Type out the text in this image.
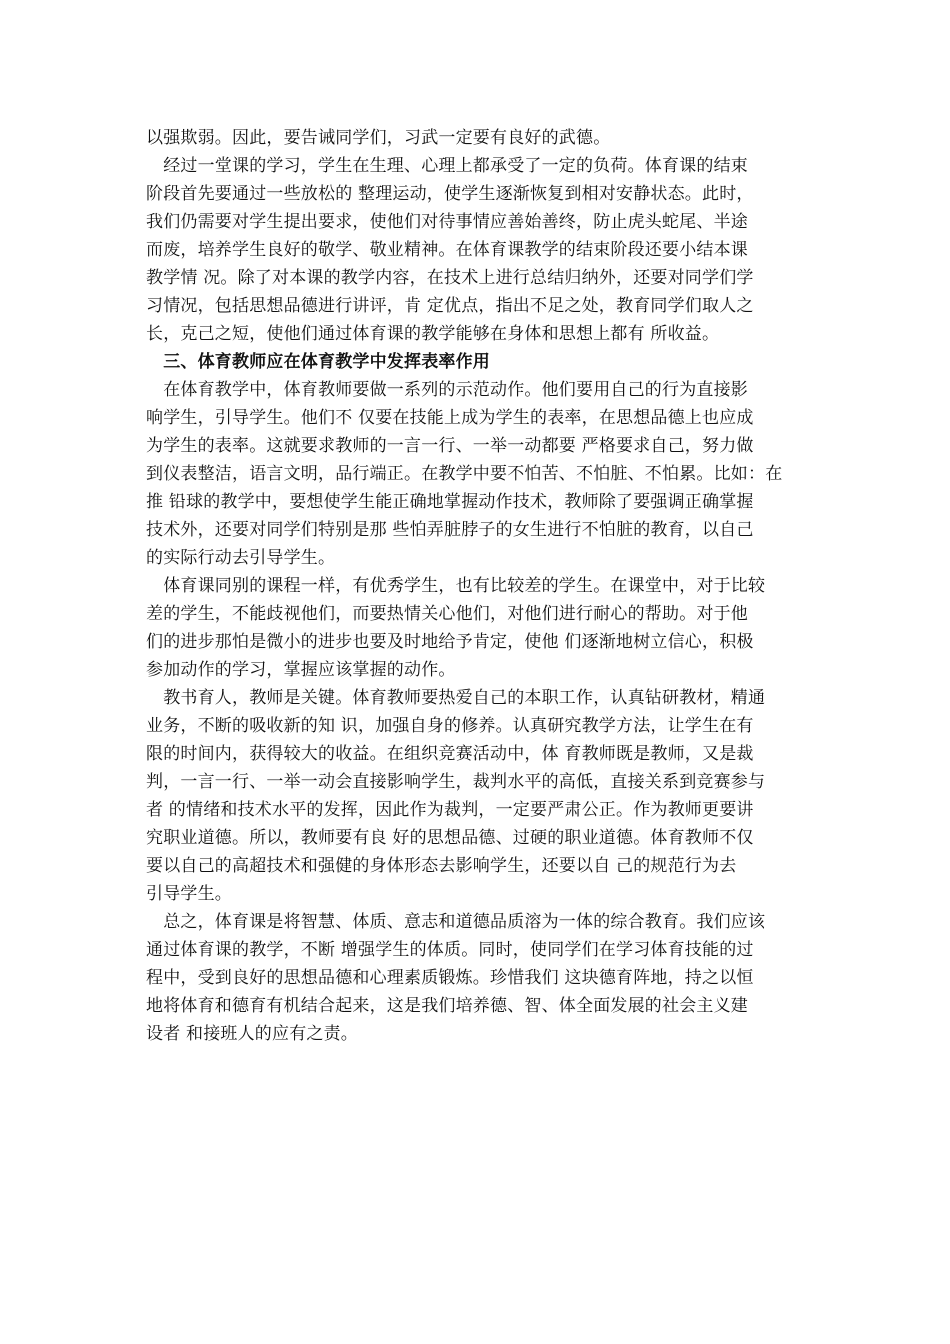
以强欺弱。因此，要告诫同学们，习武一定要有良好的武德。
　经过一堂课的学习，学生在生理、心理上都承受了一定的负荷。体育课的结束
阶段首先要通过一些放松的 整理运动，使学生逐渐恢复到相对安静状态。此时，
我们仍需要对学生提出要求，使他们对待事情应善始善终，防止虎头蛇尾、半途
而废，培养学生良好的敬学、敬业精神。在体育课教学的结束阶段还要小结本课
教学情 况。除了对本课的教学内容，在技术上进行总结归纳外，还要对同学们学
习情况，包括思想品德进行讲评，肯 定优点，指出不足之处，教育同学们取人之
长，克己之短，使他们通过体育课的教学能够在身体和思想上都有 所收益。
　三、体育教师应在体育教学中发挥表率作用
　在体育教学中，体育教师要做一系列的示范动作。他们要用自己的行为直接影
响学生，引导学生。他们不 仅要在技能上成为学生的表率，在思想品德上也应成
为学生的表率。这就要求教师的一言一行、一举一动都要 严格要求自己，努力做
到仪表整洁，语言文明，品行端正。在教学中要不怕苦、不怕脏、不怕累。比如：在
推 铅球的教学中，要想使学生能正确地掌握动作技术，教师除了要强调正确掌握
技术外，还要对同学们特别是那 些怕弄脏脖子的女生进行不怕脏的教育，以自己
的实际行动去引导学生。
　体育课同别的课程一样，有优秀学生，也有比较差的学生。在课堂中，对于比较
差的学生，不能歧视他们，而要热情关心他们，对他们进行耐心的帮助。对于他
们的进步那怕是微小的进步也要及时地给予肯定，使他 们逐渐地树立信心，积极
参加动作的学习，掌握应该掌握的动作。
　教书育人，教师是关键。体育教师要热爱自己的本职工作，认真钻研教材，精通
业务，不断的吸收新的知 识，加强自身的修养。认真研究教学方法，让学生在有
限的时间内，获得较大的收益。在组织竞赛活动中，体 育教师既是教师，又是裁
判，一言一行、一举一动会直接影响学生，裁判水平的高低，直接关系到竞赛参与
者 的情绪和技术水平的发挥，因此作为裁判，一定要严肃公正。作为教师更要讲
究职业道德。所以，教师要有良 好的思想品德、过硬的职业道德。体育教师不仅
要以自己的高超技术和强健的身体形态去影响学生，还要以自 己的规范行为去
引导学生。
　总之，体育课是将智慧、体质、意志和道德品质溶为一体的综合教育。我们应该
通过体育课的教学，不断 增强学生的体质。同时，使同学们在学习体育技能的过
程中，受到良好的思想品德和心理素质锻炼。珍惜我们 这块德育阵地，持之以恒
地将体育和德育有机结合起来，这是我们培养德、智、体全面发展的社会主义建
设者 和接班人的应有之责。
